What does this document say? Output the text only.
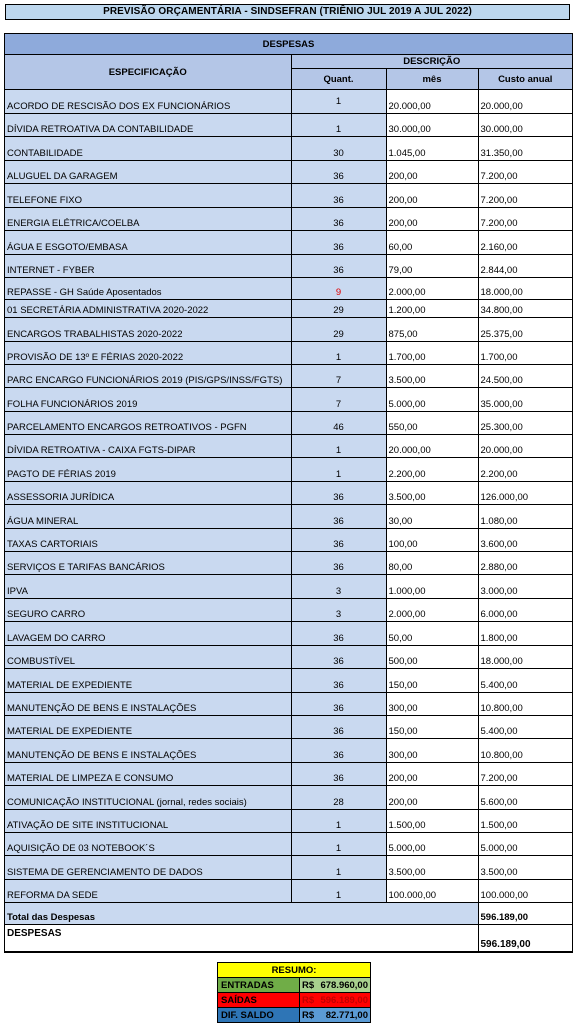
PREVISÃO ORÇAMENTÁRIA - SINDSEFRAN (TRIÊNIO JUL 2019 A JUL 2022)
DESPESAS			
ESPECIFICAÇÃO	DESCRIÇÃO		
	Quant.	mês	Custo anual
ACORDO DE RESCISÃO DOS EX FUNCIONÁRIOS	1	20.000,00	20.000,00
DÍVIDA RETROATIVA DA CONTABILIDADE	1	30.000,00	30.000,00
CONTABILIDADE	30	1.045,00	31.350,00
ALUGUEL DA GARAGEM	36	200,00	7.200,00
TELEFONE FIXO	36	200,00	7.200,00
ENERGIA ELÉTRICA/COELBA	36	200,00	7.200,00
ÁGUA E ESGOTO/EMBASA	36	60,00	2.160,00
INTERNET - FYBER	36	79,00	2.844,00
REPASSE - GH Saúde Aposentados	9	2.000,00	18.000,00
01 SECRETÁRIA ADMINISTRATIVA 2020-2022	29	1.200,00	34.800,00
ENCARGOS TRABALHISTAS 2020-2022	29	875,00	25.375,00
PROVISÃO DE 13º E FÉRIAS 2020-2022	1	1.700,00	1.700,00
PARC ENCARGO FUNCIONÁRIOS 2019 (PIS/GPS/INSS/FGTS)	7	3.500,00	24.500,00
FOLHA FUNCIONÁRIOS 2019	7	5.000,00	35.000,00
PARCELAMENTO ENCARGOS RETROATIVOS - PGFN	46	550,00	25.300,00
DÍVIDA RETROATIVA - CAIXA FGTS-DIPAR	1	20.000,00	20.000,00
PAGTO DE FÉRIAS 2019	1	2.200,00	2.200,00
ASSESSORIA JURÍDICA	36	3.500,00	126.000,00
ÁGUA MINERAL	36	30,00	1.080,00
TAXAS CARTORIAIS	36	100,00	3.600,00
SERVIÇOS E TARIFAS BANCÁRIOS	36	80,00	2.880,00
IPVA	3	1.000,00	3.000,00
SEGURO CARRO	3	2.000,00	6.000,00
LAVAGEM DO CARRO	36	50,00	1.800,00
COMBUSTÍVEL	36	500,00	18.000,00
MATERIAL DE EXPEDIENTE	36	150,00	5.400,00
MANUTENÇÃO DE BENS E INSTALAÇÕES	36	300,00	10.800,00
MATERIAL DE EXPEDIENTE	36	150,00	5.400,00
MANUTENÇÃO DE BENS E INSTALAÇÕES	36	300,00	10.800,00
MATERIAL DE LIMPEZA E CONSUMO	36	200,00	7.200,00
COMUNICAÇÃO INSTITUCIONAL (jornal, redes sociais)	28	200,00	5.600,00
ATIVAÇÃO DE SITE INSTITUCIONAL	1	1.500,00	1.500,00
AQUISIÇÃO DE 03 NOTEBOOK´S	1	5.000,00	5.000,00
SISTEMA DE GERENCIAMENTO DE DADOS	1	3.500,00	3.500,00
REFORMA DA SEDE	1	100.000,00	100.000,00
Total das Despesas			596.189,00
DESPESAS			596.189,00
RESUMO:
ENTRADAS	R$ 678.960,00
SAÍDAS	R$ 596.189,00
DIF. SALDO	R$ 82.771,00
